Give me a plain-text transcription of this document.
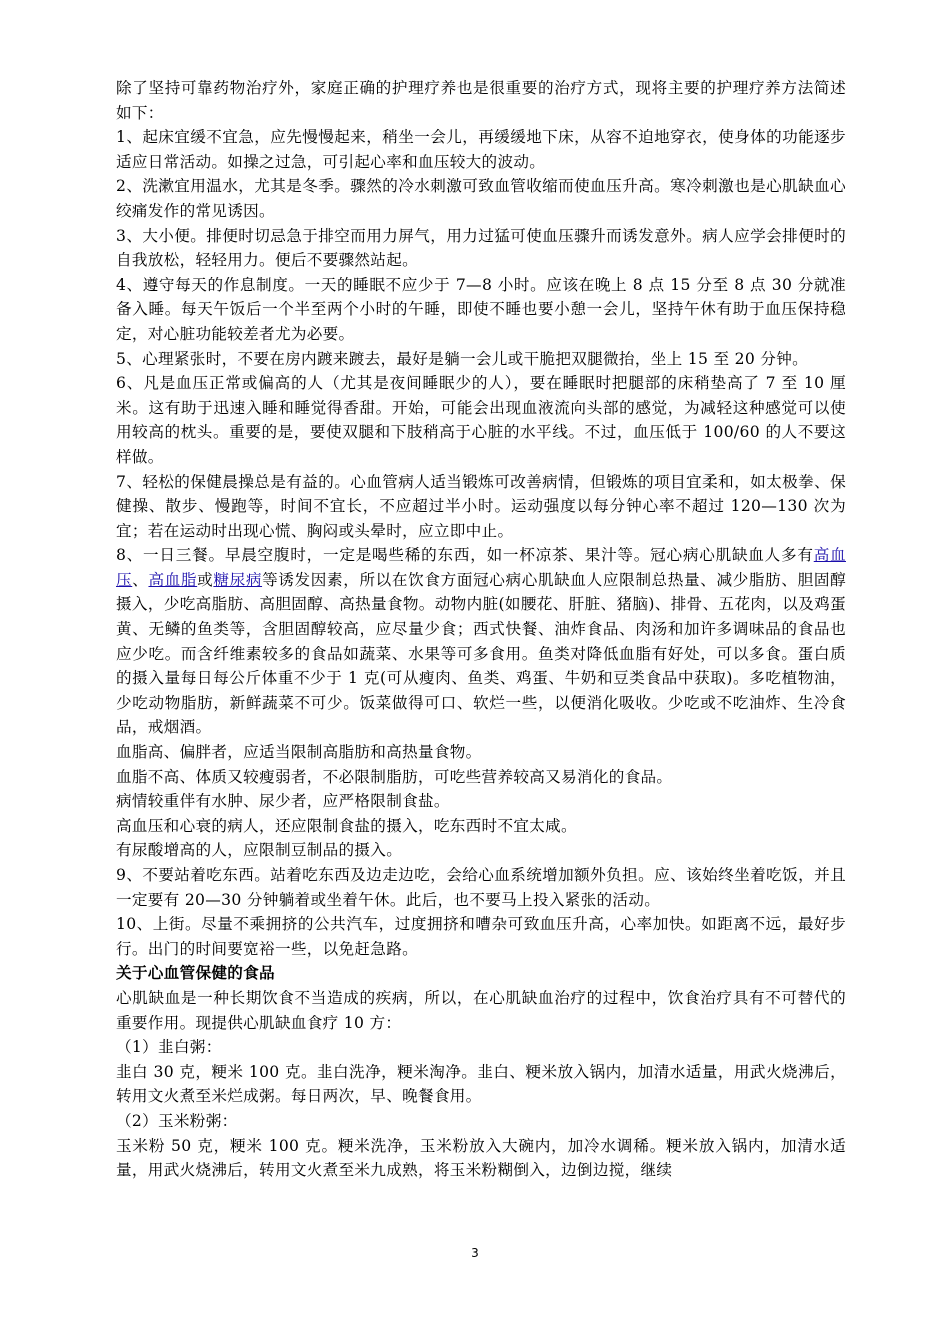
除了坚持可靠药物治疗外，家庭正确的护理疗养也是很重要的治疗方式，现将主要的护理疗养方法简述如下：

1、起床宜缓不宜急，应先慢慢起来，稍坐一会儿，再缓缓地下床，从容不迫地穿衣，使身体的功能逐步适应日常活动。如操之过急，可引起心率和血压较大的波动。

2、洗漱宜用温水，尤其是冬季。骤然的冷水刺激可致血管收缩而使血压升高。寒冷刺激也是心肌缺血心绞痛发作的常见诱因。

3、大小便。排便时切忌急于排空而用力屏气，用力过猛可使血压骤升而诱发意外。病人应学会排便时的自我放松，轻轻用力。便后不要骤然站起。

4、遵守每天的作息制度。一天的睡眠不应少于 7—8 小时。应该在晚上 8 点 15 分至 8 点 30 分就准备入睡。每天午饭后一个半至两个小时的午睡，即使不睡也要小憩一会儿，坚持午休有助于血压保持稳定，对心脏功能较差者尤为必要。

5、心理紧张时，不要在房内踱来踱去，最好是躺一会儿或干脆把双腿微抬，坐上 15 至 20 分钟。

6、凡是血压正常或偏高的人（尤其是夜间睡眠少的人），要在睡眠时把腿部的床稍垫高了 7 至 10 厘米。这有助于迅速入睡和睡觉得香甜。开始，可能会出现血液流向头部的感觉，为减轻这种感觉可以使用较高的枕头。重要的是，要使双腿和下肢稍高于心脏的水平线。不过，血压低于 100/60 的人不要这样做。

7、轻松的保健晨操总是有益的。心血管病人适当锻炼可改善病情，但锻炼的项目宜柔和，如太极拳、保健操、散步、慢跑等，时间不宜长，不应超过半小时。运动强度以每分钟心率不超过 120—130 次为宜；若在运动时出现心慌、胸闷或头晕时，应立即中止。

8、一日三餐。早晨空腹时，一定是喝些稀的东西，如一杯凉茶、果汁等。冠心病心肌缺血人多有高血压、高血脂或糖尿病等诱发因素，所以在饮食方面冠心病心肌缺血人应限制总热量、减少脂肪、胆固醇摄入，少吃高脂肪、高胆固醇、高热量食物。动物内脏(如腰花、肝脏、猪脑)、排骨、五花肉，以及鸡蛋黄、无鳞的鱼类等，含胆固醇较高，应尽量少食；西式快餐、油炸食品、肉汤和加许多调味品的食品也应少吃。而含纤维素较多的食品如蔬菜、水果等可多食用。鱼类对降低血脂有好处，可以多食。蛋白质的摄入量每日每公斤体重不少于 1 克(可从瘦肉、鱼类、鸡蛋、牛奶和豆类食品中获取)。多吃植物油，少吃动物脂肪，新鲜蔬菜不可少。饭菜做得可口、软烂一些，以便消化吸收。少吃或不吃油炸、生冷食品，戒烟酒。

血脂高、偏胖者，应适当限制高脂肪和高热量食物。

血脂不高、体质又较瘦弱者，不必限制脂肪，可吃些营养较高又易消化的食品。

病情较重伴有水肿、尿少者，应严格限制食盐。

高血压和心衰的病人，还应限制食盐的摄入，吃东西时不宜太咸。

有尿酸增高的人，应限制豆制品的摄入。

9、不要站着吃东西。站着吃东西及边走边吃，会给心血系统增加额外负担。应、该始终坐着吃饭，并且一定要有 20—30 分钟躺着或坐着午休。此后，也不要马上投入紧张的活动。

10、上街。尽量不乘拥挤的公共汽车，过度拥挤和嘈杂可致血压升高，心率加快。如距离不远，最好步行。出门的时间要宽裕一些，以免赶急路。

关于心血管保健的食品

心肌缺血是一种长期饮食不当造成的疾病，所以，在心肌缺血治疗的过程中，饮食治疗具有不可替代的重要作用。现提供心肌缺血食疗 10 方：

（1）韭白粥：

韭白 30 克，粳米 100 克。韭白洗净，粳米淘净。韭白、粳米放入锅内，加清水适量，用武火烧沸后，转用文火煮至米烂成粥。每日两次，早、晚餐食用。

（2）玉米粉粥：

玉米粉 50 克，粳米 100 克。粳米洗净，玉米粉放入大碗内，加冷水调稀。粳米放入锅内，加清水适量，用武火烧沸后，转用文火煮至米九成熟，将玉米粉糊倒入，边倒边搅，继续

3
